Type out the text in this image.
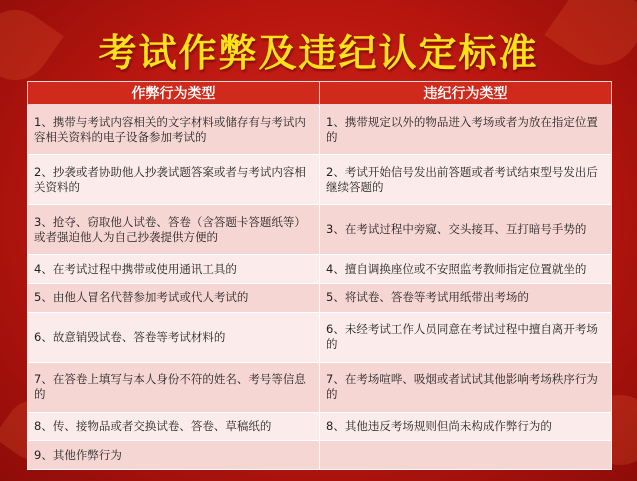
考试作弊及违纪认定标准
作弊行为类型	违纪行为类型
1、携带与考试内容相关的文字材料或储存有与考试内容相关资料的电子设备参加考试的	1、携带规定以外的物品进入考场或者为放在指定位置的
2、抄袭或者协助他人抄袭试题答案或者与考试内容相关资料的	2、考试开始信号发出前答题或者考试结束型号发出后继续答题的
3、抢夺、窃取他人试卷、答卷（含答题卡答题纸等）或者强迫他人为自己抄袭提供方便的	3、在考试过程中旁窥、交头接耳、互打暗号手势的
4、在考试过程中携带或使用通讯工具的	4、擅自调换座位或不安照监考教师指定位置就坐的
5、由他人冒名代替参加考试或代人考试的	5、将试卷、答卷等考试用纸带出考场的
6、故意销毁试卷、答卷等考试材料的	6、未经考试工作人员同意在考试过程中擅自离开考场的
7、在答卷上填写与本人身份不符的姓名、考号等信息的	7、在考场喧哗、吸烟或者试试其他影响考场秩序行为的
8、传、接物品或者交换试卷、答卷、草稿纸的	8、其他违反考场规则但尚未构成作弊行为的
9、其他作弊行为	
